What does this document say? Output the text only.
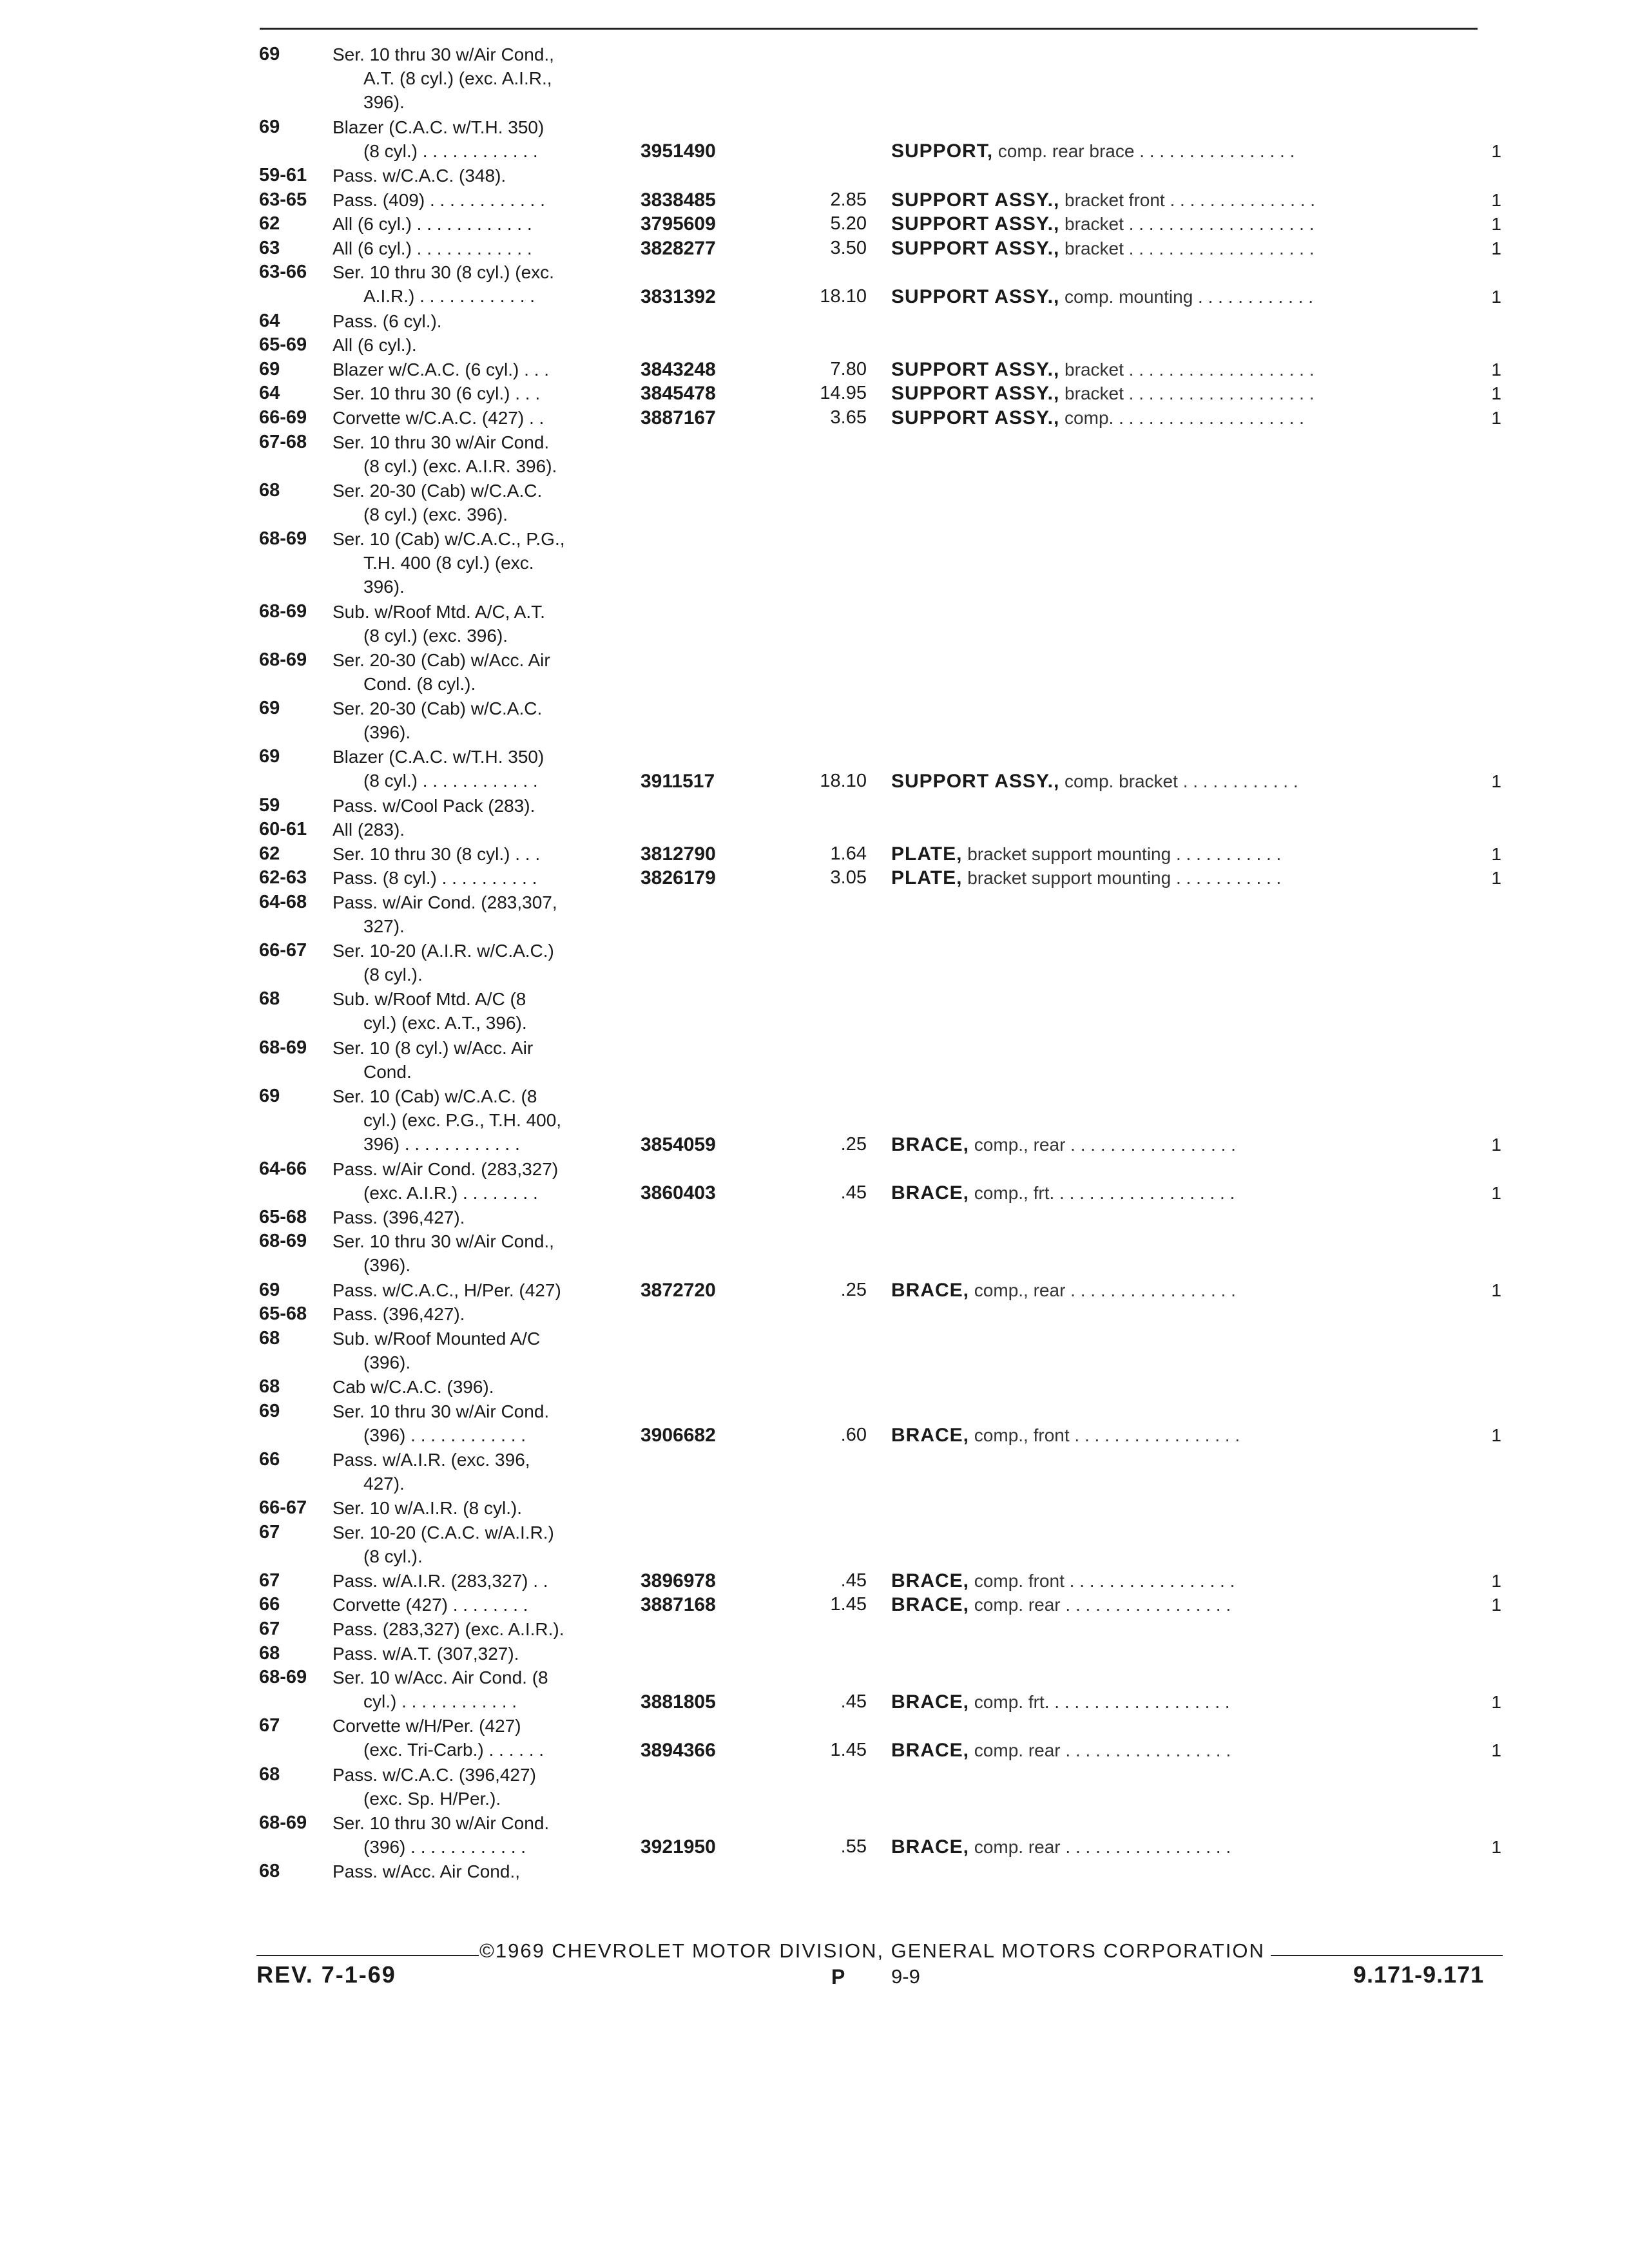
69	Ser. 10 thru 30 w/Air Cond.,
A.T. (8 cyl.) (exc. A.I.R.,
396).
69	Blazer (C.A.C. w/T.H. 350)
(8 cyl.) . . . . . . . . . . . .	3951490	SUPPORT, comp. rear brace . . . . . . . . . . . . . . . .	1
59-61 Pass. w/C.A.C. (348).
63-65 Pass. (409) . . . . . . . . . . . .	3838485	2.85 SUPPORT ASSY., bracket front . . . . . . . . . . . . . . .	1
62	All (6 cyl.) . . . . . . . . . . . .	3795609	5.20 SUPPORT ASSY., bracket . . . . . . . . . . . . . . . . . . .	1
63	All (6 cyl.) . . . . . . . . . . . .	3828277	3.50 SUPPORT ASSY., bracket . . . . . . . . . . . . . . . . . . .	1
63-66 Ser. 10 thru 30 (8 cyl.) (exc.
A.I.R.) . . . . . . . . . . . .	3831392	18.10 SUPPORT ASSY., comp. mounting . . . . . . . . . . . .	1
64	Pass. (6 cyl.).
65-69 All (6 cyl.).
69	Blazer w/C.A.C. (6 cyl.) . . .	3843248	7.80 SUPPORT ASSY., bracket . . . . . . . . . . . . . . . . . . .	1
64	Ser. 10 thru 30 (6 cyl.) . . .	3845478	14.95 SUPPORT ASSY., bracket . . . . . . . . . . . . . . . . . . .	1
66-69 Corvette w/C.A.C. (427) . .	3887167	3.65 SUPPORT ASSY., comp. . . . . . . . . . . . . . . . . . . .	1
67-68 Ser. 10 thru 30 w/Air Cond.
(8 cyl.) (exc. A.I.R. 396).
68	Ser. 20-30 (Cab) w/C.A.C.
(8 cyl.) (exc. 396).
68-69 Ser. 10 (Cab) w/C.A.C., P.G.,
T.H. 400 (8 cyl.) (exc.
396).
68-69 Sub. w/Roof Mtd. A/C, A.T.
(8 cyl.) (exc. 396).
68-69 Ser. 20-30 (Cab) w/Acc. Air
Cond. (8 cyl.).
69	Ser. 20-30 (Cab) w/C.A.C.
(396).
69	Blazer (C.A.C. w/T.H. 350)
(8 cyl.) . . . . . . . . . . . .	3911517	18.10 SUPPORT ASSY., comp. bracket . . . . . . . . . . . .	1
59	Pass. w/Cool Pack (283).
60-61 All (283).
62	Ser. 10 thru 30 (8 cyl.) . . .	3812790	1.64 PLATE, bracket support mounting . . . . . . . . . . .	1
62-63 Pass. (8 cyl.) . . . . . . . . . .	3826179	3.05 PLATE, bracket support mounting . . . . . . . . . . .	1
64-68 Pass. w/Air Cond. (283,307,
327).
66-67 Ser. 10-20 (A.I.R. w/C.A.C.)
(8 cyl.).
68	Sub. w/Roof Mtd. A/C (8
cyl.) (exc. A.T., 396).
68-69 Ser. 10 (8 cyl.) w/Acc. Air
Cond.
69	Ser. 10 (Cab) w/C.A.C. (8
cyl.) (exc. P.G., T.H. 400,
396) . . . . . . . . . . . .	3854059	.25 BRACE, comp., rear . . . . . . . . . . . . . . . . .	1
64-66 Pass. w/Air Cond. (283,327)
(exc. A.I.R.) . . . . . . . .	3860403	.45 BRACE, comp., frt. . . . . . . . . . . . . . . . . . .	1
65-68 Pass. (396,427).
68-69 Ser. 10 thru 30 w/Air Cond.,
(396).
69	Pass. w/C.A.C., H/Per. (427)	3872720	.25 BRACE, comp., rear . . . . . . . . . . . . . . . . .	1
65-68 Pass. (396,427).
68	Sub. w/Roof Mounted A/C
(396).
68	Cab w/C.A.C. (396).
69	Ser. 10 thru 30 w/Air Cond.
(396) . . . . . . . . . . . .	3906682	.60 BRACE, comp., front . . . . . . . . . . . . . . . . .	1
66	Pass. w/A.I.R. (exc. 396,
427).
66-67 Ser. 10 w/A.I.R. (8 cyl.).
67	Ser. 10-20 (C.A.C. w/A.I.R.)
(8 cyl.).
67	Pass. w/A.I.R. (283,327) . .	3896978	.45 BRACE, comp. front . . . . . . . . . . . . . . . . .	1
66	Corvette (427) . . . . . . . .	3887168	1.45 BRACE, comp. rear . . . . . . . . . . . . . . . . .	1
67	Pass. (283,327) (exc. A.I.R.).
68	Pass. w/A.T. (307,327).
68-69 Ser. 10 w/Acc. Air Cond. (8
cyl.) . . . . . . . . . . . .	3881805	.45 BRACE, comp. frt. . . . . . . . . . . . . . . . . . .	1
67	Corvette w/H/Per. (427)
(exc. Tri-Carb.) . . . . . .	3894366	1.45 BRACE, comp. rear . . . . . . . . . . . . . . . . .	1
68	Pass. w/C.A.C. (396,427)
(exc. Sp. H/Per.).
68-69 Ser. 10 thru 30 w/Air Cond.
(396) . . . . . . . . . . . .	3921950	.55 BRACE, comp. rear . . . . . . . . . . . . . . . . .	1
68	Pass. w/Acc. Air Cond.,
©1969 CHEVROLET MOTOR DIVISION, GENERAL MOTORS CORPORATION
REV. 7-1-69	P 9-9	9.171-9.171
